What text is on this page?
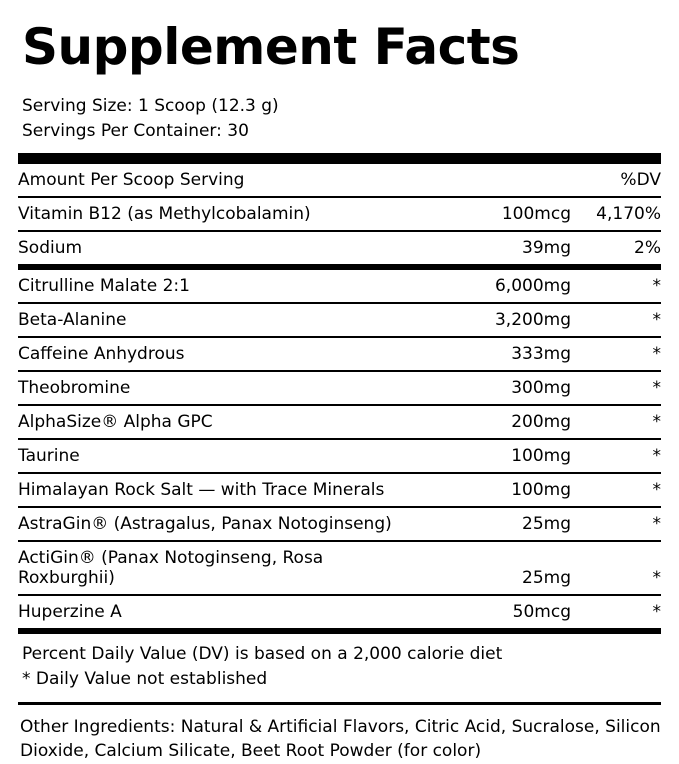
Supplement Facts
Serving Size: 1 Scoop (12.3 g)
Servings Per Container: 30
Amount Per Scoop Serving		%DV
Vitamin B12 (as Methylcobalamin)	100mcg	4,170%
Sodium	39mg	2%
Citrulline Malate 2:1	6,000mg	*
Beta-Alanine	3,200mg	*
Caffeine Anhydrous	333mg	*
Theobromine	300mg	*
AlphaSize® Alpha GPC	200mg	*
Taurine	100mg	*
Himalayan Rock Salt — with Trace Minerals	100mg	*
AstraGin® (Astragalus, Panax Notoginseng)	25mg	*
ActiGin® (Panax Notoginseng, Rosa Roxburghii)	25mg	*
Huperzine A	50mcg	*
Percent Daily Value (DV) is based on a 2,000 calorie diet
* Daily Value not established
Other Ingredients: Natural & Artificial Flavors, Citric Acid, Sucralose, Silicon Dioxide, Calcium Silicate, Beet Root Powder (for color)
